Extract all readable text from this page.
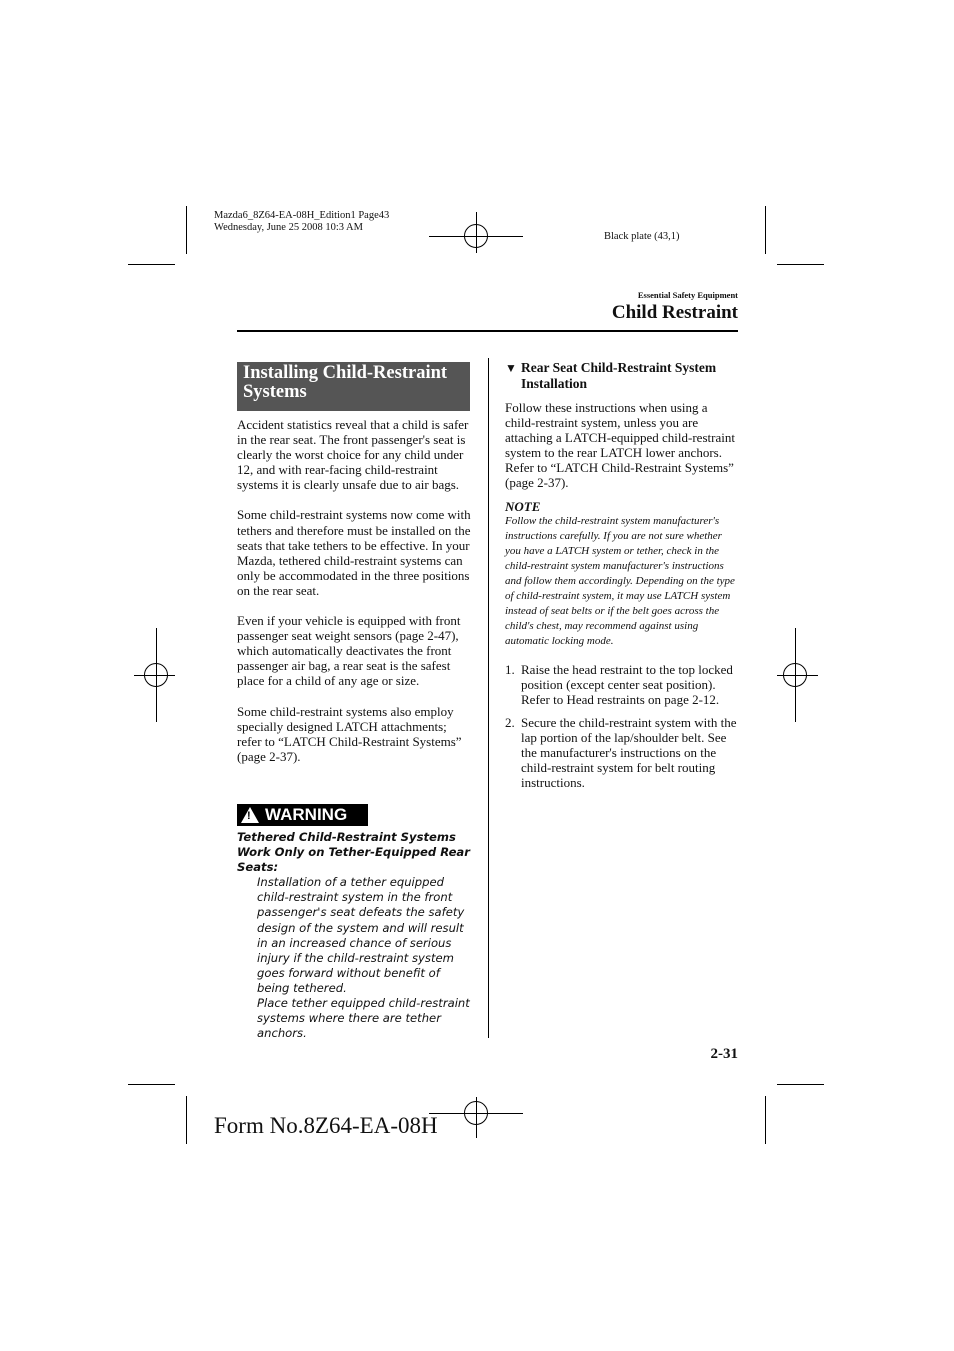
Mazda6_8Z64-EA-08H_Edition1 Page43
Wednesday, June 25 2008 10:3 AM
Black plate (43,1)
Essential Safety Equipment
Child Restraint
Installing Child-Restraint
Systems

Accident statistics reveal that a child is safer in the rear seat. The front passenger's seat is clearly the worst choice for any child under 12, and with rear-facing child-restraint systems it is clearly unsafe due to air bags.

Some child-restraint systems now come with tethers and therefore must be installed on the seats that take tethers to be effective. In your Mazda, tethered child-restraint systems can only be accommodated in the three positions on the rear seat.

Even if your vehicle is equipped with front passenger seat weight sensors (page 2-47), which automatically deactivates the front passenger air bag, a rear seat is the safest place for a child of any age or size.

Some child-restraint systems also employ specially designed LATCH attachments; refer to “LATCH Child-Restraint Systems” (page 2-37).

! WARNING
Tethered Child-Restraint Systems Work Only on Tether-Equipped Rear Seats:
Installation of a tether equipped child-restraint system in the front passenger's seat defeats the safety design of the system and will result in an increased chance of serious injury if the child-restraint system goes forward without benefit of being tethered.
Place tether equipped child-restraint systems where there are tether anchors.
▼ Rear Seat Child-Restraint System Installation

Follow these instructions when using a child-restraint system, unless you are attaching a LATCH-equipped child-restraint system to the rear LATCH lower anchors. Refer to “LATCH Child-Restraint Systems” (page 2-37).

NOTE
Follow the child-restraint system manufacturer's instructions carefully. If you are not sure whether you have a LATCH system or tether, check in the child-restraint system manufacturer's instructions and follow them accordingly. Depending on the type of child-restraint system, it may use LATCH system instead of seat belts or if the belt goes across the child's chest, may recommend against using automatic locking mode.
1. Raise the head restraint to the top locked position (except center seat position).
Refer to Head restraints on page 2-12.
2. Secure the child-restraint system with the lap portion of the lap/shoulder belt. See the manufacturer's instructions on the child-restraint system for belt routing instructions.
2-31
Form No.8Z64-EA-08H
